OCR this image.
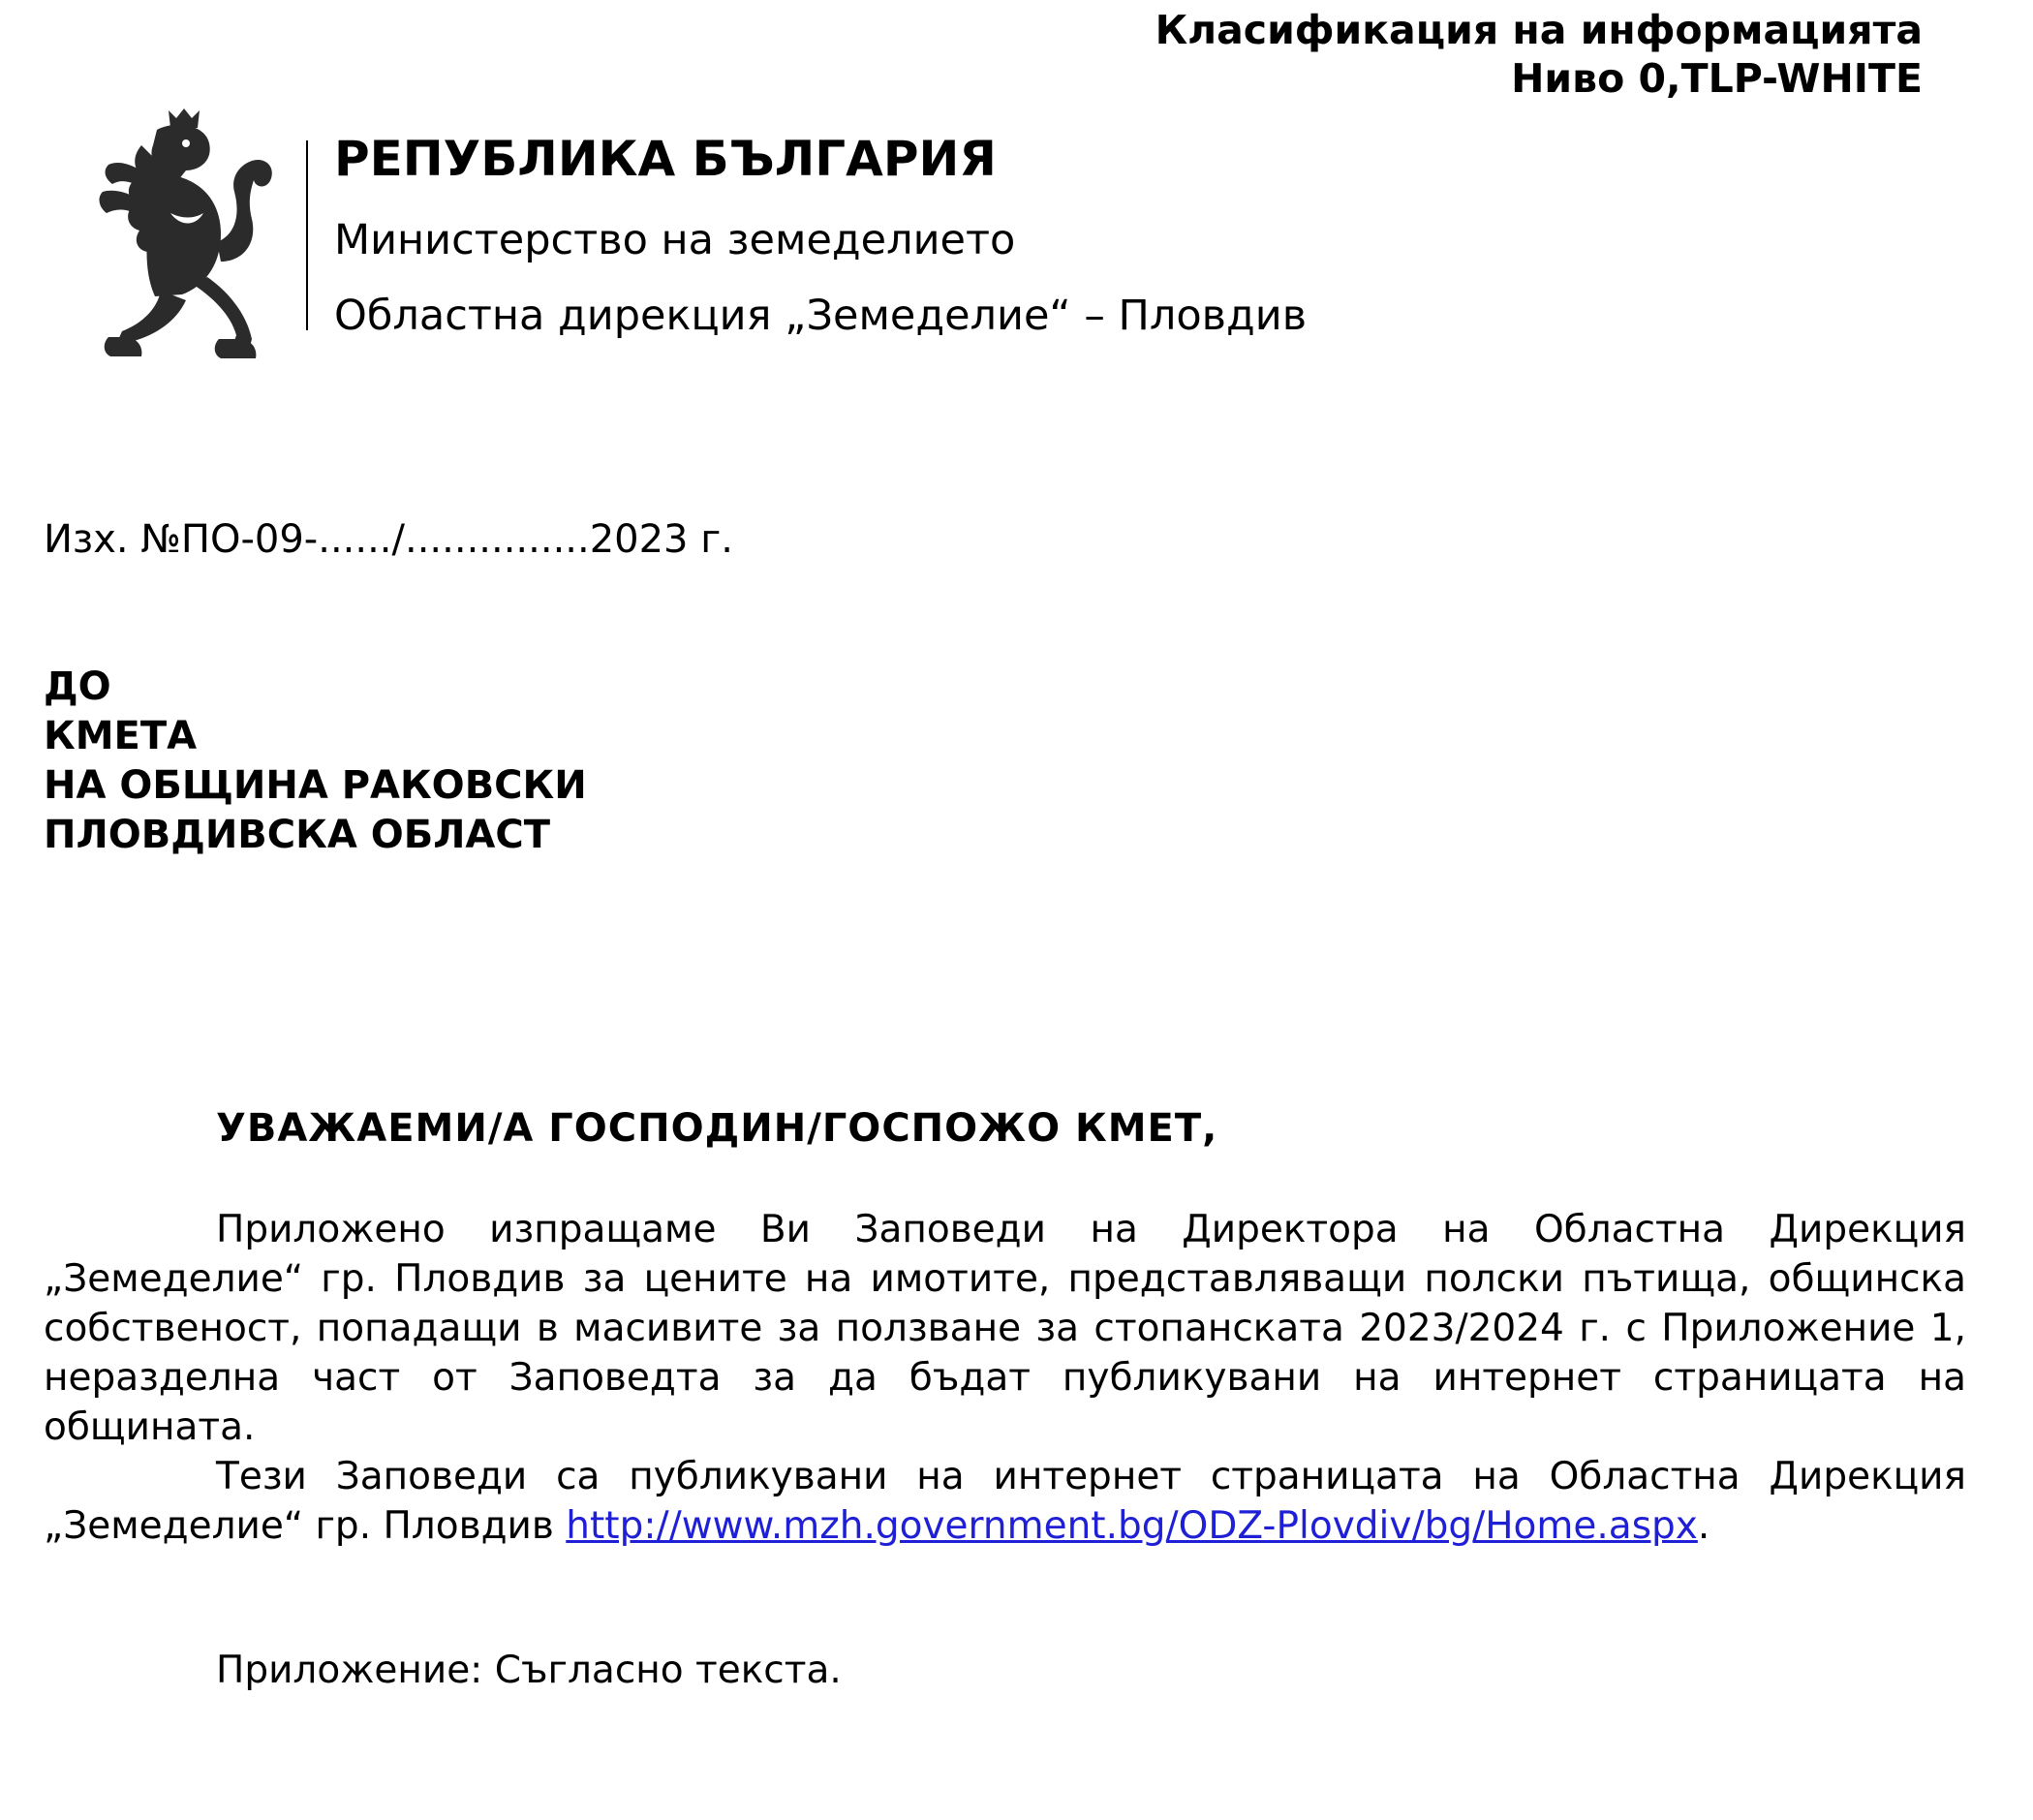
Класификация на информацията
Ниво 0,TLP-WHITE
РЕПУБЛИКА БЪЛГАРИЯ
Министерство на земеделието
Областна дирекция „Земеделие“ – Пловдив
Изх. №ПО-09-....../...............2023 г.
ДО
КМЕТА
НА ОБЩИНА РАКОВСКИ
ПЛОВДИВСКА ОБЛАСТ
УВАЖАЕМИ/А ГОСПОДИН/ГОСПОЖО КМЕТ,

Приложено изпращаме Ви Заповеди на Директора на Областна Дирекция „Земеделие“ гр. Пловдив за цените на имотите, представляващи полски пътища, общинска собственост, попадащи в масивите за ползване за стопанската 2023/2024 г. с Приложение 1, неразделна част от Заповедта за да бъдат публикувани на интернет страницата на общината.

Тези Заповеди са публикувани на интернет страницата на Областна Дирекция „Земеделие“ гр. Пловдив http://www.mzh.government.bg/ODZ-Plovdiv/bg/Home.aspx.

Приложение: Съгласно текста.
